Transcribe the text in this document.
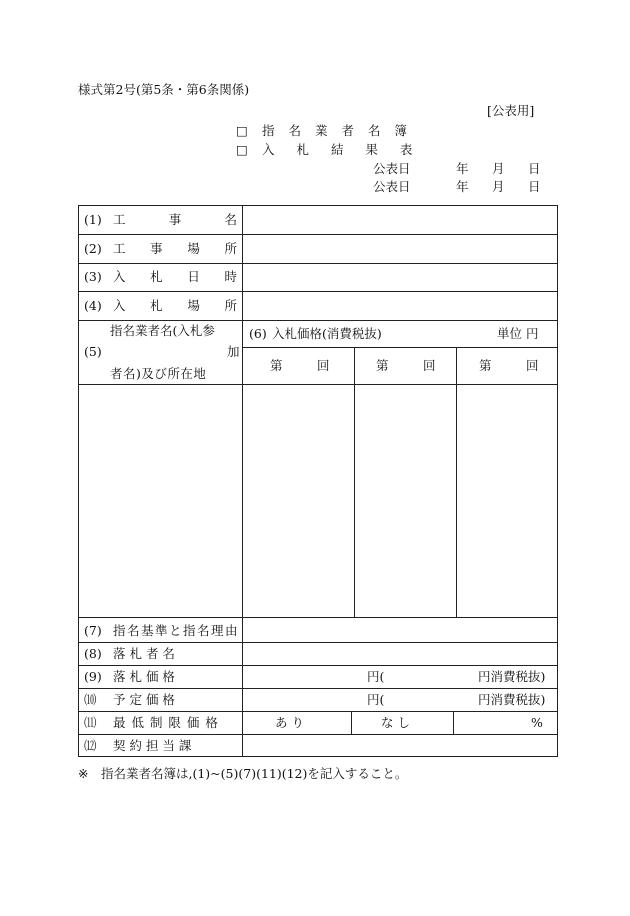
様式第2号(第5条・第6条関係)
[公表用]
□ 指 名 業 者 名 簿
□ 入 札 結 果 表
公表日	年 月 日
公表日	年 月 日
(1) 工	事	名
(2) 工 事 場 所
(3) 入 札 日 時
(4) 入 札 場 所
(5)
指名業者名(入札参
加
者名)及び所在地
(6) 入札価格(消費税抜)	単位 円
第	回	第	回	第	回
(7) 指名基準と指名理由
(8) 落 札 者 名
(9) 落 札 価 格	円(	円消費税抜)
⑽ 予 定 価 格	円(	円消費税抜)
⑾ 最 低 制 限 価 格	あ り	な し	%
⑿ 契 約 担 当 課
※ 指名業者名簿は,(1)~(5)(7)(11)(12)を記入すること。
